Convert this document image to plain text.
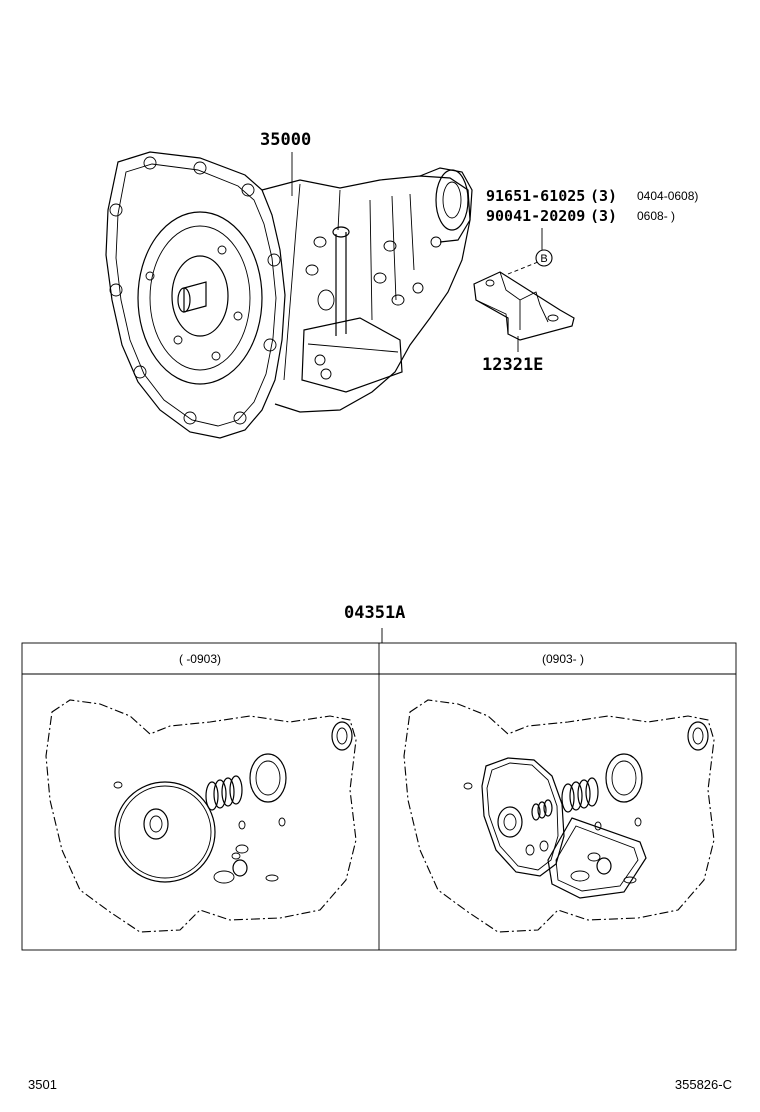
B
35000
91651-61025 (3) 0404-0608)
90041-20209 (3) 0608- )
12321E
04351A
( -0903)	(0903- )
3501	355826-C
